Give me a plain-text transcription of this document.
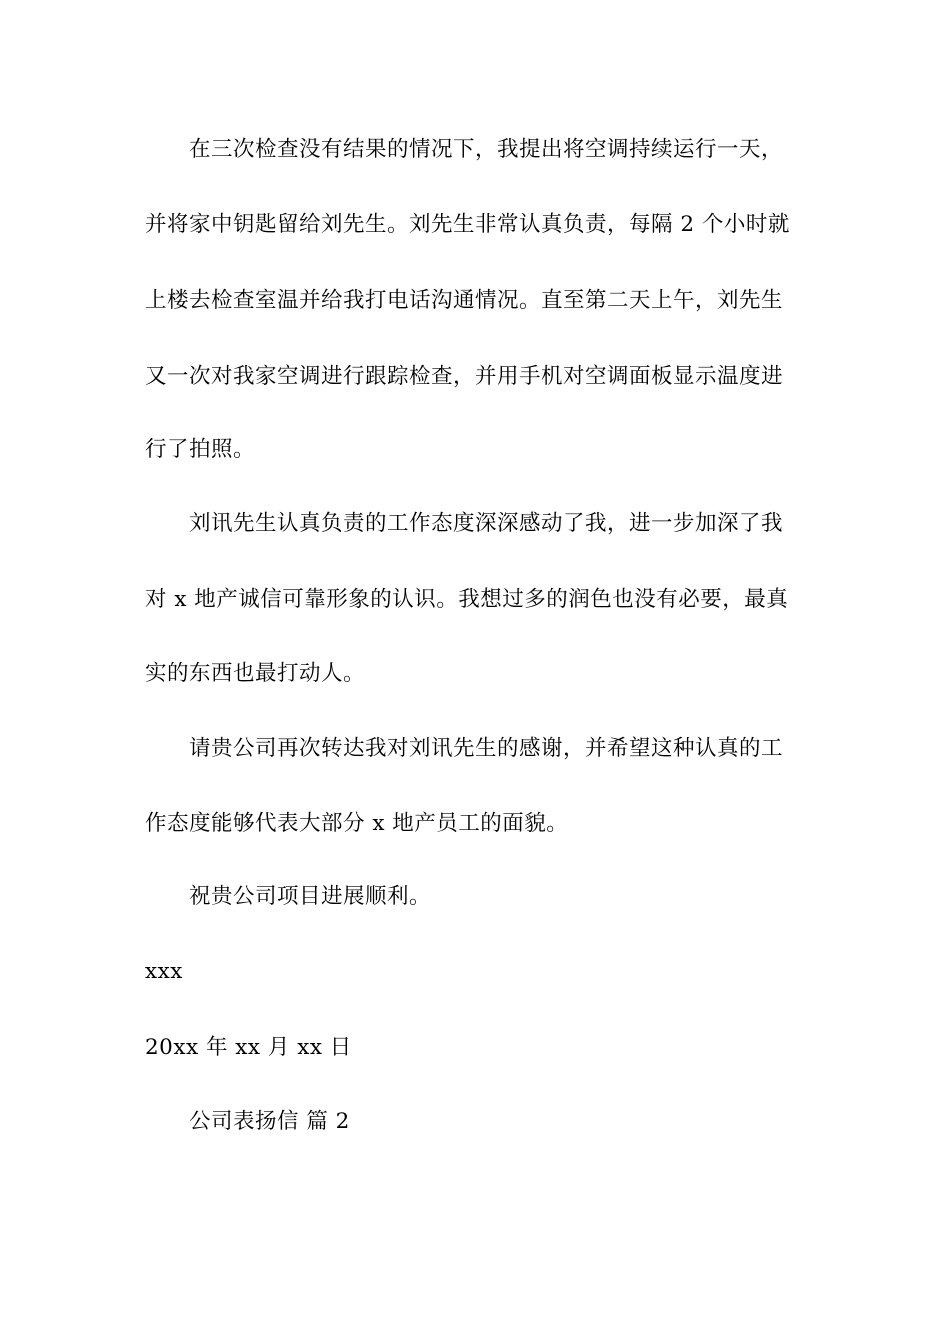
在三次检查没有结果的情况下，我提出将空调持续运行一天，
并将家中钥匙留给刘先生。刘先生非常认真负责，每隔 2 个小时就
上楼去检查室温并给我打电话沟通情况。直至第二天上午，刘先生
又一次对我家空调进行跟踪检查，并用手机对空调面板显示温度进
行了拍照。
刘讯先生认真负责的工作态度深深感动了我，进一步加深了我
对 x 地产诚信可靠形象的认识。我想过多的润色也没有必要，最真
实的东西也最打动人。
请贵公司再次转达我对刘讯先生的感谢，并希望这种认真的工
作态度能够代表大部分 x 地产员工的面貌。
祝贵公司项目进展顺利。
xxx
20xx 年 xx 月 xx 日
公司表扬信 篇 2
